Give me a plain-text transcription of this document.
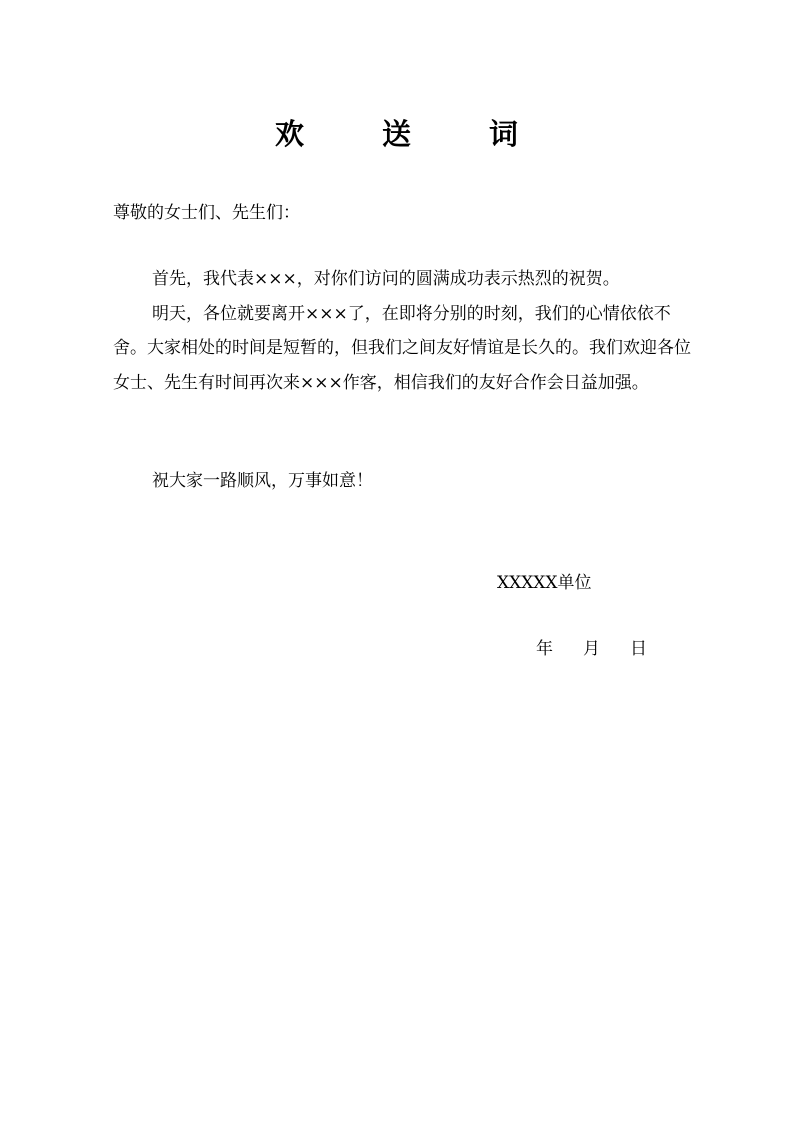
欢	送	词
尊敬的女士们、先生们：

首先，我代表×××，对你们访问的圆满成功表示热烈的祝贺。

明天，各位就要离开×××了，在即将分别的时刻，我们的心情依依不舍。大家相处的时间是短暂的，但我们之间友好情谊是长久的。我们欢迎各位女士、先生有时间再次来×××作客，相信我们的友好合作会日益加强。

祝大家一路顺风，万事如意！
XXXXX单位
年 月 日
